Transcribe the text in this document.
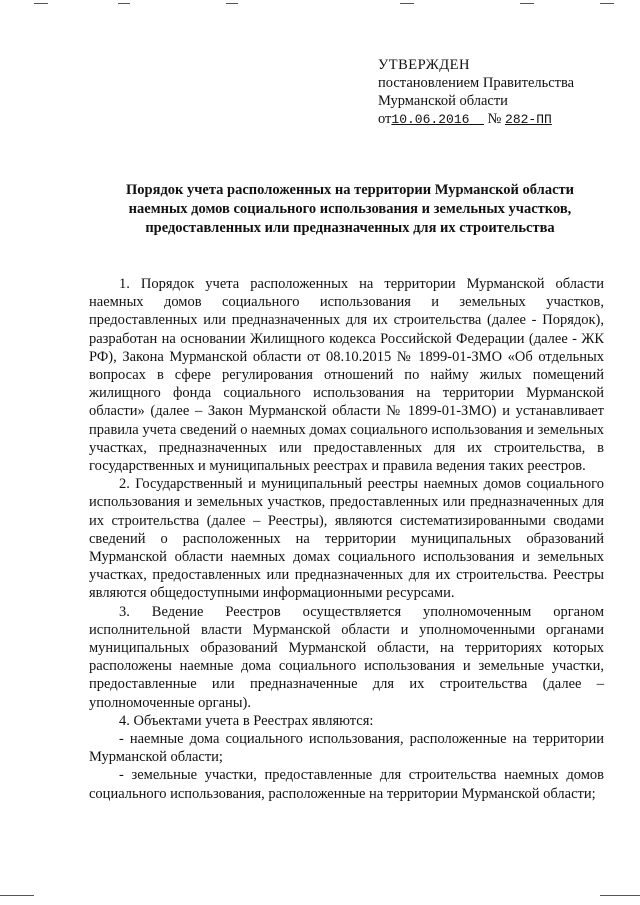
УТВЕРЖДЕН
постановлением Правительства
Мурманской области
от10.06.2016 № 282-ПП
Порядок учета расположенных на территории Мурманской области
наемных домов социального использования и земельных участков,
предоставленных или предназначенных для их строительства

1. Порядок учета расположенных на территории Мурманской области наемных домов социального использования и земельных участков, предоставленных или предназначенных для их строительства (далее - Порядок), разработан на основании Жилищного кодекса Российской Федерации (далее - ЖК РФ), Закона Мурманской области от 08.10.2015 № 1899-01-ЗМО «Об отдельных вопросах в сфере регулирования отношений по найму жилых помещений жилищного фонда социального использования на территории Мурманской области» (далее – Закон Мурманской области № 1899-01-ЗМО) и устанавливает правила учета сведений о наемных домах социального использования и земельных участках, предназначенных или предоставленных для их строительства, в государственных и муниципальных реестрах и правила ведения таких реестров.

2. Государственный и муниципальный реестры наемных домов социального использования и земельных участков, предоставленных или предназначенных для их строительства (далее – Реестры), являются систематизированными сводами сведений о расположенных на территории муниципальных образований Мурманской области наемных домах социального использования и земельных участках, предоставленных или предназначенных для их строительства. Реестры являются общедоступными информационными ресурсами.

3. Ведение Реестров осуществляется уполномоченным органом исполнительной власти Мурманской области и уполномоченными органами муниципальных образований Мурманской области, на территориях которых расположены наемные дома социального использования и земельные участки, предоставленные или предназначенные для их строительства (далее – уполномоченные органы).

4. Объектами учета в Реестрах являются:

- наемные дома социального использования, расположенные на территории Мурманской области;

- земельные участки, предоставленные для строительства наемных домов социального использования, расположенные на территории Мурманской области;
